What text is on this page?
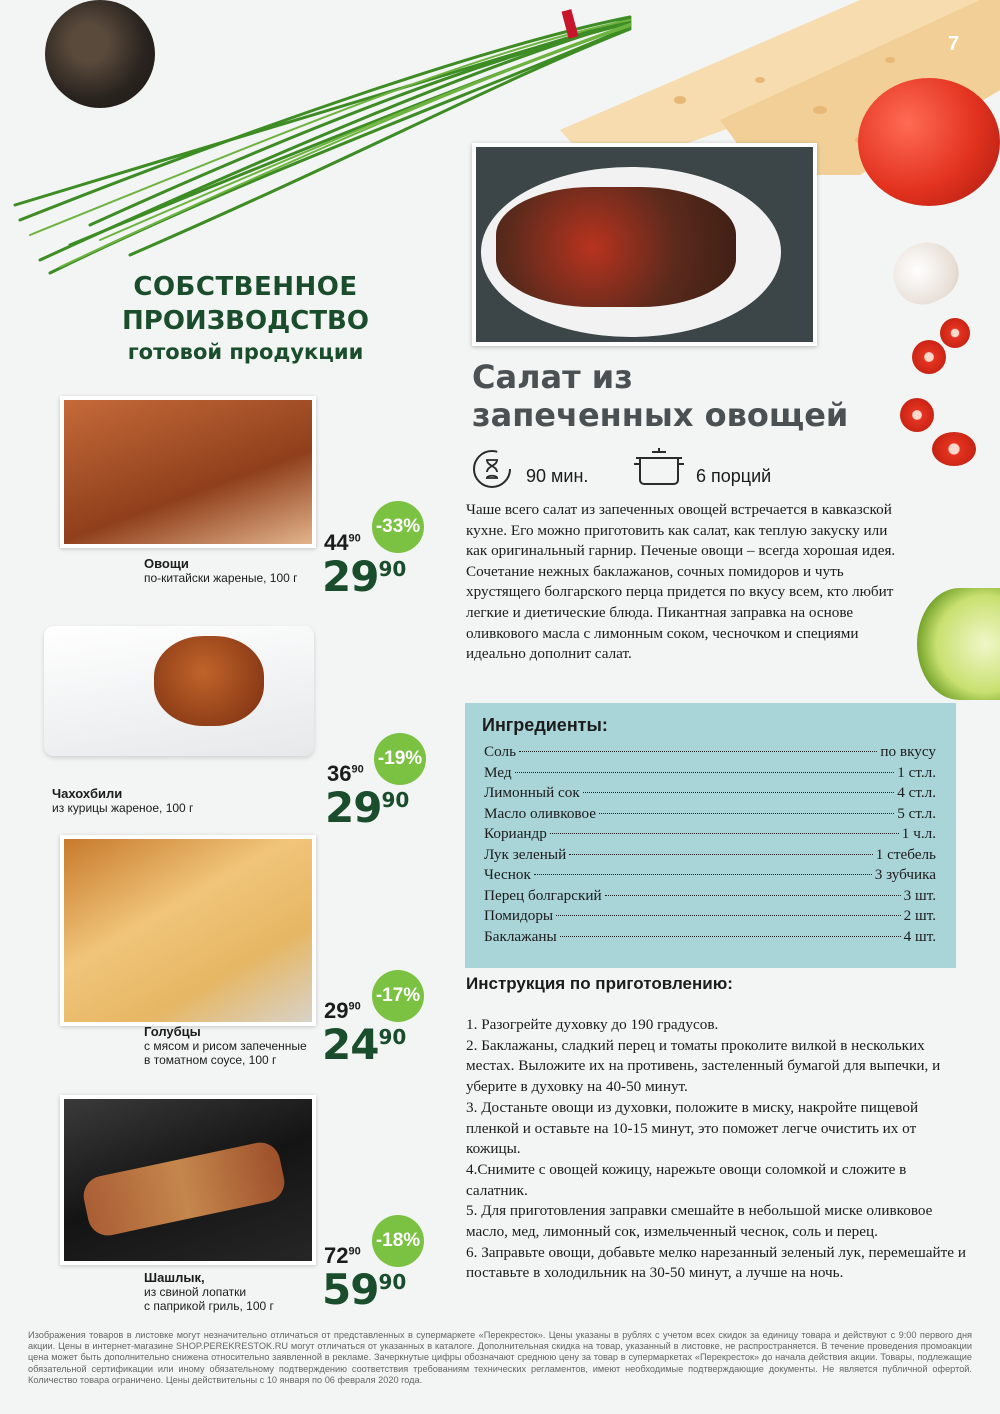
7
СОБСТВЕННОЕ
ПРОИЗВОДСТВО
готовой продукции
Овощи
по-китайски жареные, 100 г
$44^{90}$
$29^{90}$
-33%
Чахохбили
из курицы жареное, 100 г
$36^{90}$
$29^{90}$
-19%
Голубцы
с мясом и рисом запеченные
в томатном соусе, 100 г
$29^{90}$
$24^{90}$
-17%
Шашлык,
из свиной лопатки
с паприкой гриль, 100 г
$72^{90}$
$59^{90}$
-18%
Салат из
запеченных овощей
90 мин.	6 порций
Чаше всего салат из запеченных овощей встречается в кавказской кухне. Его можно приготовить как салат, как теплую закуску или как оригинальный гарнир. Печеные овощи – всегда хорошая идея. Сочетание нежных баклажанов, сочных помидоров и чуть хрустящего болгарского перца придется по вкусу всем, кто любит легкие и диетические блюда. Пикантная заправка на основе оливкового масла с лимонным соком, чесночком и специями идеально дополнит салат.
Ингредиенты:
Соль	по вкусу
Мед	1 ст.л.
Лимонный сок	4 ст.л.
Масло оливковое	5 ст.л.
Кориандр	1 ч.л.
Лук зеленый	1 стебель
Чеснок	3 зубчика
Перец болгарский	3 шт.
Помидоры	2 шт.
Баклажаны	4 шт.
Инструкция по приготовлению:

1. Разогрейте духовку до 190 градусов.

2. Баклажаны, сладкий перец и томаты проколите вилкой в нескольких местах. Выложите их на противень, застеленный бумагой для выпечки, и уберите в духовку на 40-50 минут.

3. Достаньте овощи из духовки, положите в миску, накройте пищевой пленкой и оставьте на 10-15 минут, это поможет легче очистить их от кожицы.

4.Снимите с овощей кожицу, нарежьте овощи соломкой и сложите в салатник.

5. Для приготовления заправки смешайте в небольшой миске оливковое масло, мед, лимонный сок, измельченный чеснок, соль и перец.

6. Заправьте овощи, добавьте мелко нарезанный зеленый лук, перемешайте и поставьте в холодильник на 30-50 минут, а лучше на ночь.

Изображения товаров в листовке могут незначительно отличаться от представленных в супермаркете «Перекресток». Цены указаны в рублях с учетом всех скидок за единицу товара и действуют с 9:00 первого дня акции. Цены в интернет-магазине SHOP.PEREKRESTOK.RU могут отличаться от указанных в каталоге. Дополнительная скидка на товар, указанный в листовке, не распространяется. В течение проведения промоакции цена может быть дополнительно снижена относительно заявленной в рекламе. Зачеркнутые цифры обозначают среднюю цену за товар в супермаркетах «Перекресток» до начала действия акции. Товары, подлежащие обязательной сертификации или иному обязательному подтверждению соответствия требованиям технических регламентов, имеют необходимые подтверждающие документы. Не является публичной офертой. Количество товара ограничено. Цены действительны с 10 января по 06 февраля 2020 года.
